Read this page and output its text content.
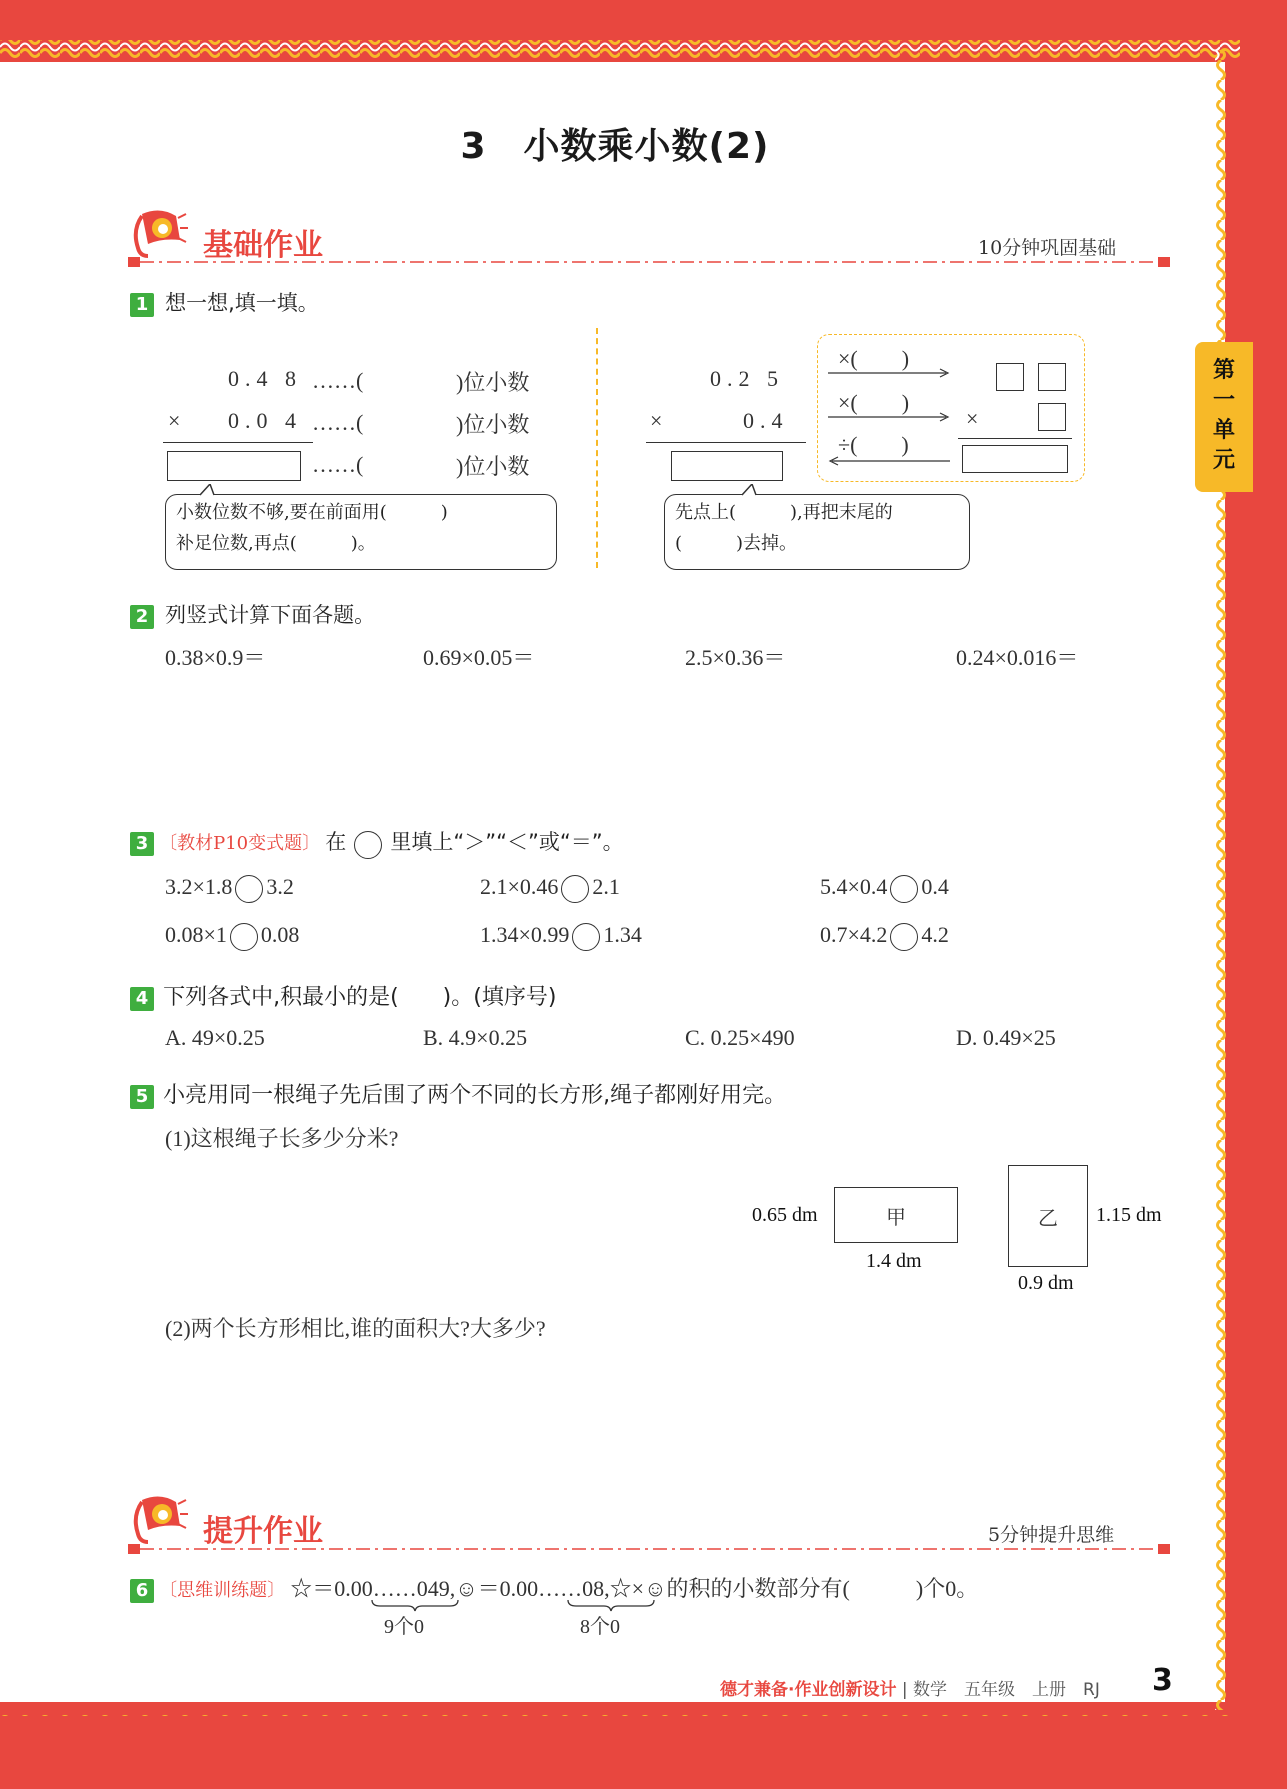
3　小数乘小数(2)
第
一
单
元
基础作业	10分钟巩固基础
1 想一想,填一填。
0.4 8 ……(	)位小数
× 0.0 4 ……(	)位小数
……(	)位小数
小数位数不够,要在前面用(　　　)
补足位数,再点(　　　)。
0.2 5
×	0.4
×(　　)
×(　　)
÷(　　)
×
先点上(　　　),再把末尾的
(　　　)去掉。
2 列竖式计算下面各题。
0.38×0.9＝	0.69×0.05＝	2.5×0.36＝	0.24×0.016＝
3 〔教材P10变式题〕 在 里填上“＞”“＜”或“＝”。
3.2×1.8 3.2	2.1×0.46 2.1	5.4×0.4 0.4
0.08×1 0.08	1.34×0.99 1.34	0.7×4.2 4.2
4 下列各式中,积最小的是(　　)。(填序号)
A. 49×0.25	B. 4.9×0.25	C. 0.25×490	D. 0.49×25
5 小亮用同一根绳子先后围了两个不同的长方形,绳子都刚好用完。
(1)这根绳子长多少分米?
0.65 dm	甲
1.4 dm
乙 1.15 dm
0.9 dm
(2)两个长方形相比,谁的面积大?大多少?
提升作业	5分钟提升思维
6 〔思维训练题〕 ☆＝0.00……049,☺＝0.00……08,☆×☺的积的小数部分有(　　　)个0。
9个0	8个0
德才兼备·作业创新设计 | 数学　五年级　上册　RJ 3
